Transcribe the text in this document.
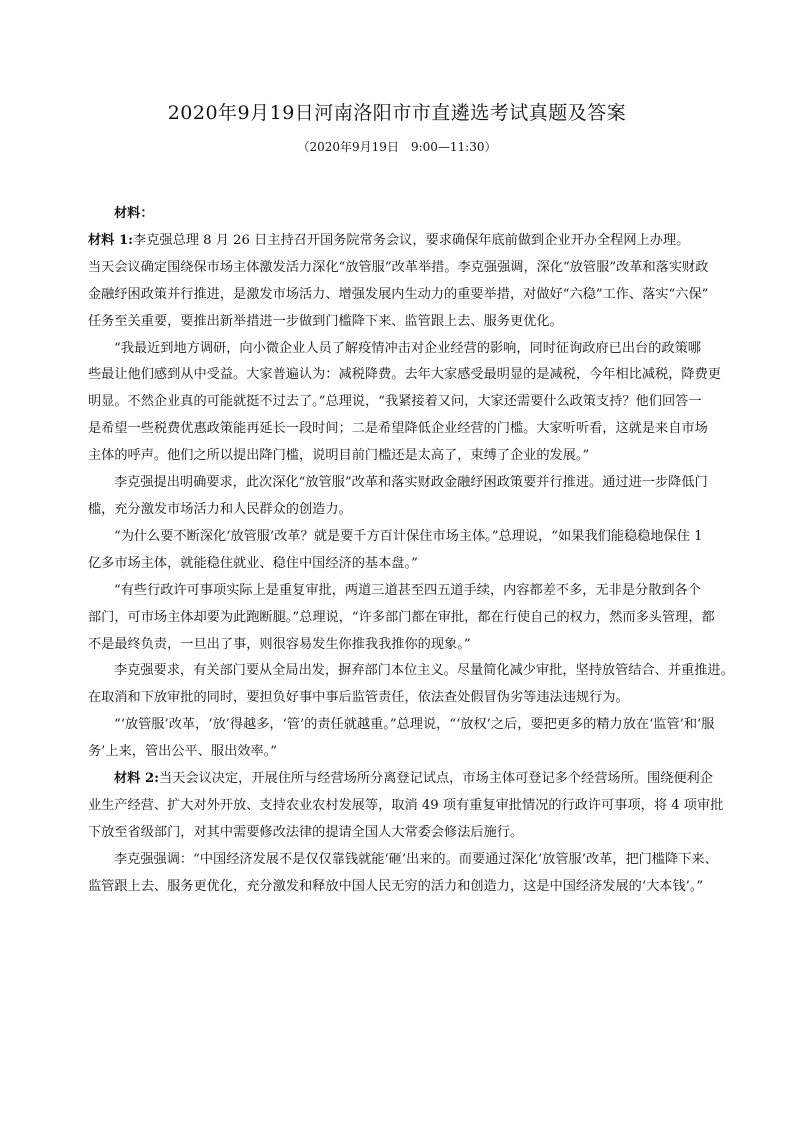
2020年9月19日河南洛阳市市直遴选考试真题及答案
（2020年9月19日　9:00—11:30）
材料：
材料 1:李克强总理 8 月 26 日主持召开国务院常务会议，要求确保年底前做到企业开办全程网上办理。
当天会议确定围绕保市场主体激发活力深化“放管服”改革举措。李克强强调，深化“放管服”改革和落实财政
金融纾困政策并行推进，是激发市场活力、增强发展内生动力的重要举措，对做好“六稳”工作、落实“六保”
任务至关重要，要推出新举措进一步做到门槛降下来、监管跟上去、服务更优化。
“我最近到地方调研，向小微企业人员了解疫情冲击对企业经营的影响，同时征询政府已出台的政策哪
些最让他们感到从中受益。大家普遍认为：减税降费。去年大家感受最明显的是减税，今年相比减税，降费更
明显。不然企业真的可能就挺不过去了。”总理说，“我紧接着又问，大家还需要什么政策支持？他们回答一
是希望一些税费优惠政策能再延长一段时间；二是希望降低企业经营的门槛。大家听听看，这就是来自市场
主体的呼声。他们之所以提出降门槛，说明目前门槛还是太高了，束缚了企业的发展。”
李克强提出明确要求，此次深化“放管服”改革和落实财政金融纾困政策要并行推进。通过进一步降低门
槛，充分激发市场活力和人民群众的创造力。
“为什么要不断深化‘放管服’改革？就是要千方百计保住市场主体。”总理说，“如果我们能稳稳地保住 1
亿多市场主体，就能稳住就业、稳住中国经济的基本盘。”
“有些行政许可事项实际上是重复审批，两道三道甚至四五道手续，内容都差不多，无非是分散到各个
部门，可市场主体却要为此跑断腿。”总理说，“许多部门都在审批，都在行使自己的权力，然而多头管理，都
不是最终负责，一旦出了事，则很容易发生你推我我推你的现象。”
李克强要求，有关部门要从全局出发，摒弃部门本位主义。尽量简化减少审批，坚持放管结合、并重推进。
在取消和下放审批的同时，要担负好事中事后监管责任，依法查处假冒伪劣等违法违规行为。
“‘放管服’改革，‘放’得越多，‘管’的责任就越重。”总理说，“‘放权’之后，要把更多的精力放在‘监管’和‘服
务’上来，管出公平、服出效率。”
材料 2:当天会议决定，开展住所与经营场所分离登记试点，市场主体可登记多个经营场所。围绕便利企
业生产经营、扩大对外开放、支持农业农村发展等，取消 49 项有重复审批情况的行政许可事项，将 4 项审批
下放至省级部门，对其中需要修改法律的提请全国人大常委会修法后施行。
李克强强调：“中国经济发展不是仅仅靠钱就能‘砸’出来的。而要通过深化‘放管服’改革，把门槛降下来、
监管跟上去、服务更优化，充分激发和释放中国人民无穷的活力和创造力，这是中国经济发展的‘大本钱’。”
